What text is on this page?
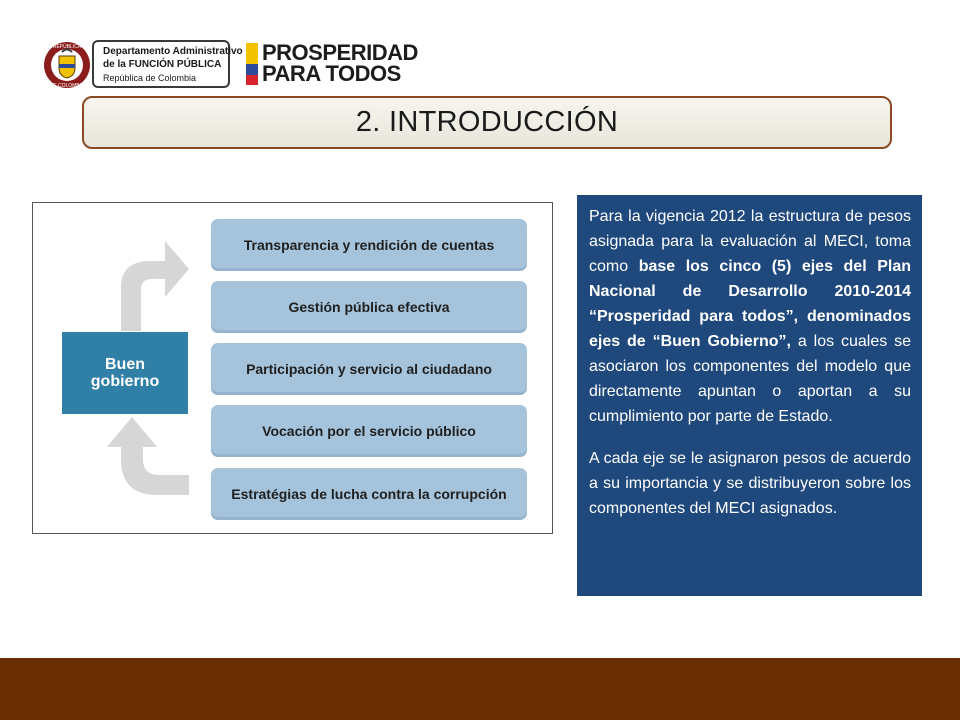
REPÚBLICA
DE COLOMBIA
Departamento Administrativo
de la FUNCIÓN PÚBLICA
República de Colombia
PROSPERIDAD
PARA TODOS
2. INTRODUCCIÓN
Buen
gobierno
Transparencia y rendición de cuentas
Gestión pública efectiva
Participación y servicio al ciudadano
Vocación por el servicio público
Estratégias de lucha contra la corrupción

Para la vigencia 2012 la estructura de pesos asignada para la evaluación al MECI, toma como base los cinco (5) ejes del Plan Nacional de Desarrollo 2010-2014 “Prosperidad para todos”, denominados ejes de “Buen Gobierno”, a los cuales se asociaron los componentes del modelo que directamente apuntan o aportan a su cumplimiento por parte de Estado.

A cada eje se le asignaron pesos de acuerdo a su importancia y se distribuyeron sobre los componentes del MECI asignados.
